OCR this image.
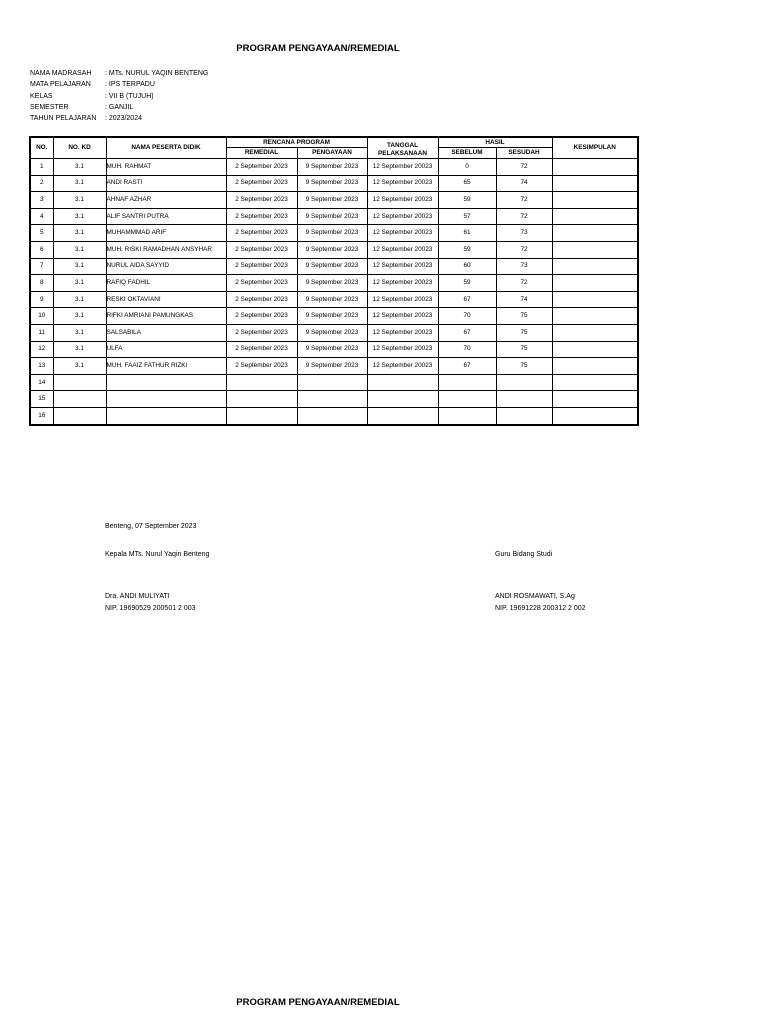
PROGRAM PENGAYAAN/REMEDIAL
NAMA MADRASAH	: MTs. NURUL YAQIN BENTENG
MATA PELAJARAN	: IPS TERPADU
KELAS	: VII B (TUJUH)
SEMESTER	: GANJIL
TAHUN PELAJARAN	: 2023/2024
NO.	NO. KD	NAMA PESERTA DIDIK	RENCANA PROGRAM		TANGGAL
PELAKSANAAN	HASIL		KESIMPULAN
			REMEDIAL	PENGAYAAN		SEBELUM	SESUDAH	
1	3.1	MUH. RAHMAT	2 September 2023	9 September 2023	12 September 20023	0	72	
2	3.1	ANDI RASTI	2 September 2023	9 September 2023	12 September 20023	65	74	
3	3.1	AHNAF AZHAR	2 September 2023	9 September 2023	12 September 20023	59	72	
4	3.1	ALIF SANTRI PUTRA	2 September 2023	9 September 2023	12 September 20023	57	72	
5	3.1	MUHAMMMAD ARIF	2 September 2023	9 September 2023	12 September 20023	61	73	
6	3.1	MUH. RISKI RAMADHAN ANSYHAR	2 September 2023	9 September 2023	12 September 20023	59	72	
7	3.1	NURUL AIDA SAYYID	2 September 2023	9 September 2023	12 September 20023	60	73	
8	3.1	RAFIQ FADHIL	2 September 2023	9 September 2023	12 September 20023	59	72	
9	3.1	RESKI OKTAVIANI	2 September 2023	9 September 2023	12 September 20023	67	74	
10	3.1	RIFKI AMRIANI PAMUNGKAS	2 September 2023	9 September 2023	12 September 20023	70	75	
11	3.1	SALSABILA	2 September 2023	9 September 2023	12 September 20023	67	75	
12	3.1	ULFA	2 September 2023	9 September 2023	12 September 20023	70	75	
13	3.1	MUH. FAAIZ FATHUR RIZKI	2 September 2023	9 September 2023	12 September 20023	67	75	
14								
15								
16								
Benteng, 07 September 2023
Kepala MTs. Nurul Yaqin Benteng	Guru Bidang Studi
Dra. ANDI MULIYATI
NIP. 19690529 200501 2 003
ANDI ROSMAWATI, S.Ag
NIP. 19691228 200312 2 002
PROGRAM PENGAYAAN/REMEDIAL
